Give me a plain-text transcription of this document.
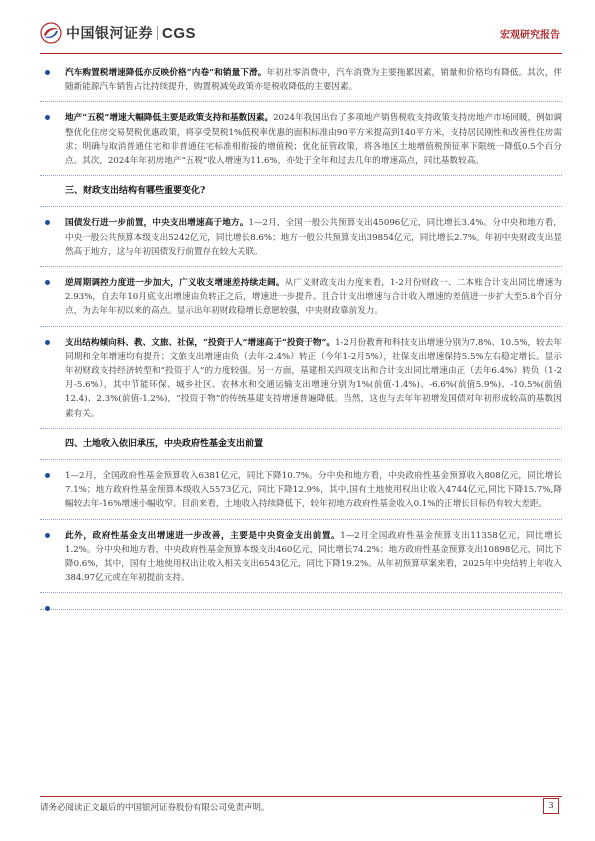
中国银河证券 CGS	宏观研究报告
汽车购置税增速降低亦反映价格“内卷”和销量下滑。年初社零消费中，汽车消费为主要拖累因素，销量和价格均有降低。其次，伴随新能源汽车销售占比持续提升，购置税减免政策亦是税收降低的主要因素。
地产“五税”增速大幅降低主要是政策支持和基数因素。2024年我国出台了多项地产销售税收支持政策支持房地产市场回暖，例如调整优化住房交易契税优惠政策，将享受契税1%低税率优惠的面积标准由90平方米提高到140平方米，支持居民刚性和改善性住房需求；明确与取消普通住宅和非普通住宅标准相衔接的增值税；优化征管政策，将各地区土地增值税预征率下限统一降低0.5个百分点。其次，2024年年初房地产“五税”收入增速为11.6%，亦处于全年和过去几年的增速高点，同比基数较高。
三、财政支出结构有哪些重要变化?
国债发行进一步前置，中央支出增速高于地方。1—2月，全国一般公共预算支出45096亿元，同比增长3.4%。分中央和地方看，中央一般公共预算本级支出5242亿元，同比增长8.6%；地方一般公共预算支出39854亿元，同比增长2.7%。年初中央财政支出显然高于地方，这与年初国债发行前置存在较大关联。
逆周期调控力度进一步加大，广义收支增速差持续走阔。从广义财政支出力度来看，1-2月份财政一、二本账合计支出同比增速为2.93%，自去年10月底支出增速由负转正之后，增速进一步提升。且合计支出增速与合计收入增速的差值进一步扩大至5.8个百分点，为去年年初以来的高点。显示出年初财政稳增长意愿较强，中央财政靠前发力。
支出结构倾向科、教、文旅、社保，“投资于人”增速高于“投资于物”。1-2月份教育和科技支出增速分别为7.8%、10.5%，较去年同期和全年增速均有提升；文旅支出增速由负（去年-2.4%）转正（今年1-2月5%），社保支出增速保持5.5%左右稳定增长。显示年初财政支持经济转型和“投资于人”的力度较强。另一方面，基建相关四项支出和合计支出同比增速由正（去年6.4%）转负（1-2月-5.6%），其中节能环保、城乡社区、农林水和交通运输支出增速分别为1%(前值-1.4%)、-6.6%(前值5.9%)、-10.5%(前值12.4)、2.3%(前值-1.2%)，“投资于物”的传统基建支持增速普遍降低。当然，这也与去年年初增发国债对年初形成较高的基数因素有关。
四、土地收入依旧承压，中央政府性基金支出前置
1—2月，全国政府性基金预算收入6381亿元，同比下降10.7%。分中央和地方看，中央政府性基金预算收入808亿元，同比增长7.1%；地方政府性基金预算本级收入5573亿元，同比下降12.9%，其中,国有土地使用权出让收入4744亿元,同比下降15.7%,降幅较去年-16%增速小幅收窄。目前来看，土地收入持续降低下，较年初地方政府性基金收入0.1%的正增长目标仍有较大差距。
此外，政府性基金支出增速进一步改善，主要是中央资金支出前置。1—2月全国政府性基金预算支出11358亿元，同比增长1.2%。分中央和地方看，中央政府性基金预算本级支出460亿元，同比增长74.2%；地方政府性基金预算支出10898亿元，同比下降0.6%，其中，国有土地使用权出让收入相关支出6543亿元，同比下降19.2%。从年初预算草案来看，2025年中央结转上年收入384.97亿元或在年初提前支持。
请务必阅读正文最后的中国银河证券股份有限公司免责声明。	3
